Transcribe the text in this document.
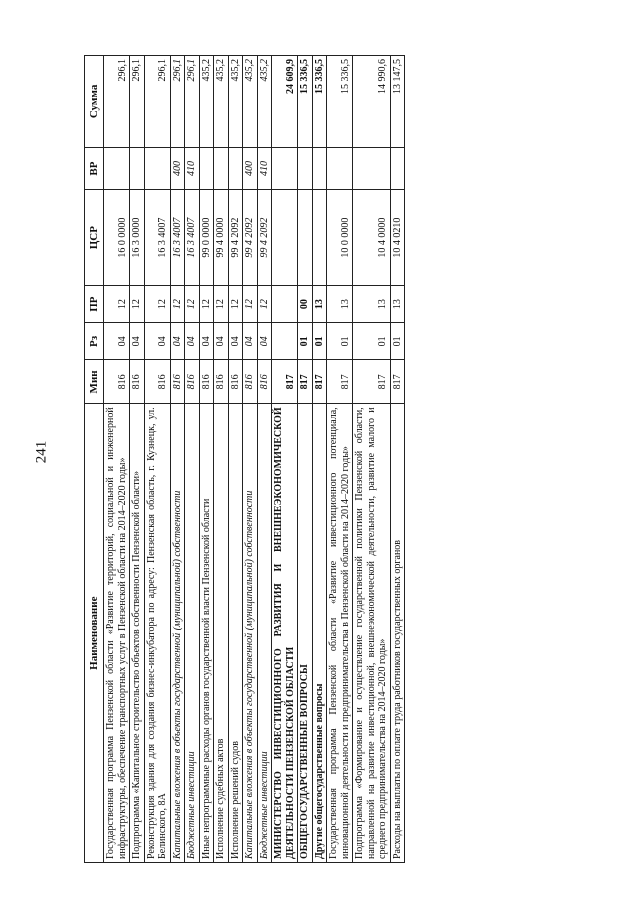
241
Наименование	Мин	Рз	ПР	ЦСР	ВР	Сумма
Государственная программа Пензенской области «Развитие территорий, социальной и инженерной инфраструктуры, обеспечение транспортных услуг в Пензенской области на 2014–2020 годы»	816	04	12	16 0 0000		296,1
Подпрограмма «Капитальное строительство объектов собственности Пензенской области»	816	04	12	16 3 0000		296,1
Реконструкция здания для создания бизнес-инкубатора по адресу: Пензенская область, г. Кузнецк, ул. Белинского, 8А	816	04	12	16 3 4007		296,1
Капитальные вложения в объекты государственной (муниципальной) собственности	816	04	12	16 3 4007	400	296,1
Бюджетные инвестиции	816	04	12	16 3 4007	410	296,1
Иные непрограммные расходы органов государственной власти Пензенской области	816	04	12	99 0 0000		435,2
Исполнение судебных актов	816	04	12	99 4 0000		435,2
Исполнение решений судов	816	04	12	99 4 2092		435,2
Капитальные вложения в объекты государственной (муниципальной) собственности	816	04	12	99 4 2092	400	435,2
Бюджетные инвестиции	816	04	12	99 4 2092	410	435,2
МИНИСТЕРСТВО ИНВЕСТИЦИОННОГО РАЗВИТИЯ И ВНЕШНЕЭКОНОМИЧЕСКОЙ ДЕЯТЕЛЬНОСТИ ПЕНЗЕНСКОЙ ОБЛАСТИ	817					24 609,9
ОБЩЕГОСУДАРСТВЕННЫЕ ВОПРОСЫ	817	01	00			15 336,5
Другие общегосударственные вопросы	817	01	13			15 336,5
Государственная программа Пензенской области «Развитие инвестиционного потенциала, инновационной деятельности и предпринимательства в Пензенской области на 2014–2020 годы»	817	01	13	10 0 0000		15 336,5
Подпрограмма «Формирование и осуществление государственной политики Пензенской области, направленной на развитие инвестиционной, внешнеэкономической деятельности, развитие малого и среднего предпринимательства на 2014–2020 годы»	817	01	13	10 4 0000		14 990,6
Расходы на выплаты по оплате труда работников государственных органов	817	01	13	10 4 0210		13 147,5
